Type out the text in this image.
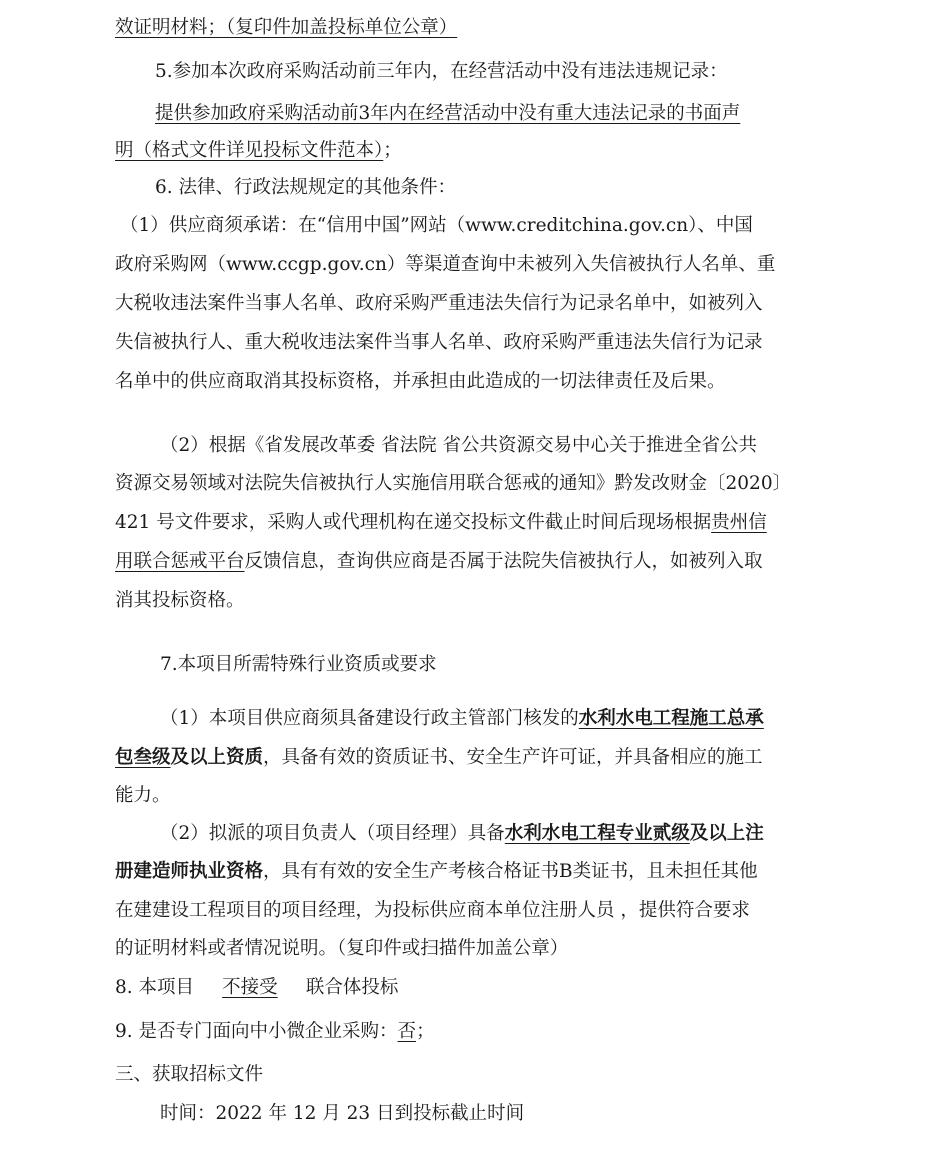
效证明材料；（复印件加盖投标单位公章）
5.参加本次政府采购活动前三年内，在经营活动中没有违法违规记录：
提供参加政府采购活动前3年内在经营活动中没有重大违法记录的书面声
明（格式文件详见投标文件范本）；
6. 法律、行政法规规定的其他条件：
（1）供应商须承诺：在“信用中国”网站（www.creditchina.gov.cn）、中国
政府采购网（www.ccgp.gov.cn）等渠道查询中未被列入失信被执行人名单、重
大税收违法案件当事人名单、政府采购严重违法失信行为记录名单中，如被列入
失信被执行人、重大税收违法案件当事人名单、政府采购严重违法失信行为记录
名单中的供应商取消其投标资格，并承担由此造成的一切法律责任及后果。
（2）根据《省发展改革委 省法院 省公共资源交易中心关于推进全省公共
资源交易领域对法院失信被执行人实施信用联合惩戒的通知》黔发改财金〔2020〕
421 号文件要求，采购人或代理机构在递交投标文件截止时间后现场根据贵州信
用联合惩戒平台反馈信息，查询供应商是否属于法院失信被执行人，如被列入取
消其投标资格。
7.本项目所需特殊行业资质或要求
（1）本项目供应商须具备建设行政主管部门核发的水利水电工程施工总承
包叁级及以上资质，具备有效的资质证书、安全生产许可证，并具备相应的施工
能力。
（2）拟派的项目负责人（项目经理）具备水利水电工程专业贰级及以上注
册建造师执业资格，具有有效的安全生产考核合格证书B类证书，且未担任其他
在建建设工程项目的项目经理，为投标供应商本单位注册人员 ，提供符合要求
的证明材料或者情况说明。（复印件或扫描件加盖公章）
8. 本项目 不接受 联合体投标
9. 是否专门面向中小微企业采购：否；
三、获取招标文件
时间：2022 年 12 月 23 日到投标截止时间
